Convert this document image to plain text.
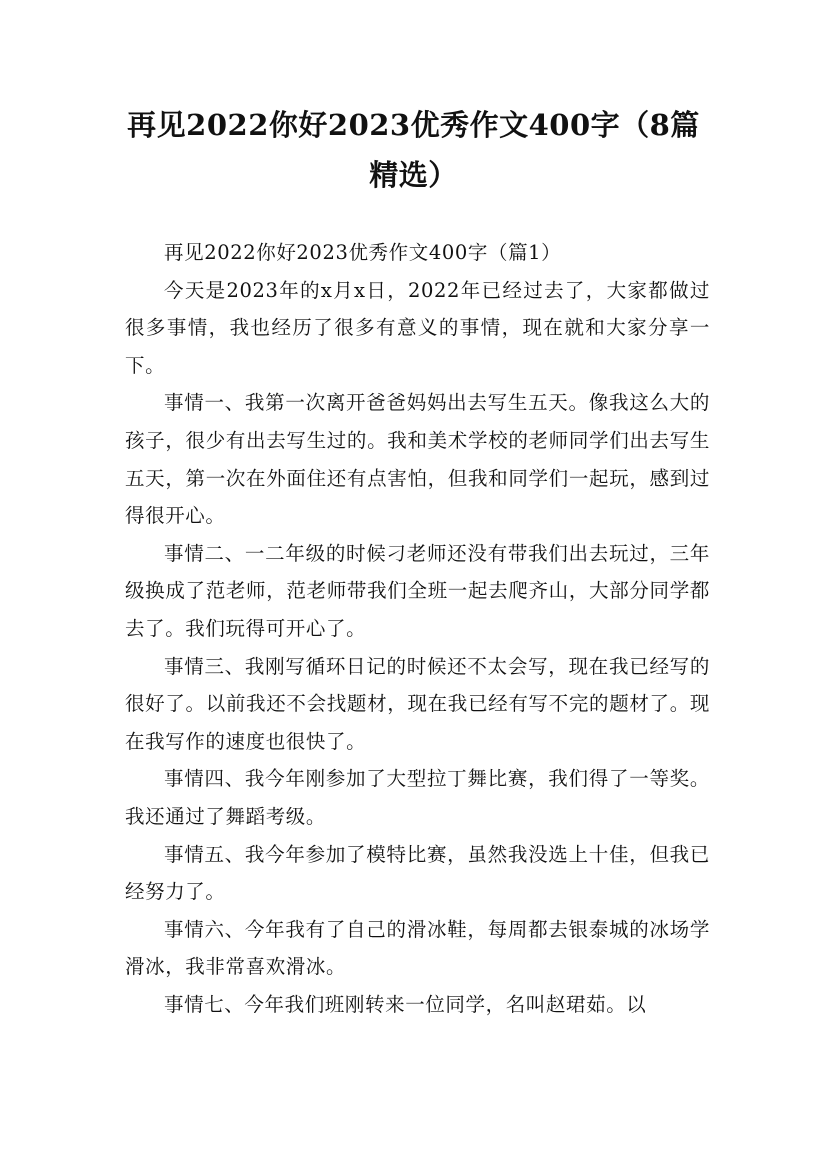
再见2022你好2023优秀作文400字（8篇精选）

再见2022你好2023优秀作文400字（篇1）

今天是2023年的x月x日，2022年已经过去了，大家都做过很多事情，我也经历了很多有意义的事情，现在就和大家分享一下。

事情一、我第一次离开爸爸妈妈出去写生五天。像我这么大的孩子，很少有出去写生过的。我和美术学校的老师同学们出去写生五天，第一次在外面住还有点害怕，但我和同学们一起玩，感到过得很开心。

事情二、一二年级的时候刁老师还没有带我们出去玩过，三年级换成了范老师，范老师带我们全班一起去爬齐山，大部分同学都去了。我们玩得可开心了。

事情三、我刚写循环日记的时候还不太会写，现在我已经写的很好了。以前我还不会找题材，现在我已经有写不完的题材了。现在我写作的速度也很快了。

事情四、我今年刚参加了大型拉丁舞比赛，我们得了一等奖。我还通过了舞蹈考级。

事情五、我今年参加了模特比赛，虽然我没选上十佳，但我已经努力了。

事情六、今年我有了自己的滑冰鞋，每周都去银泰城的冰场学滑冰，我非常喜欢滑冰。

事情七、今年我们班刚转来一位同学，名叫赵珺茹。以
